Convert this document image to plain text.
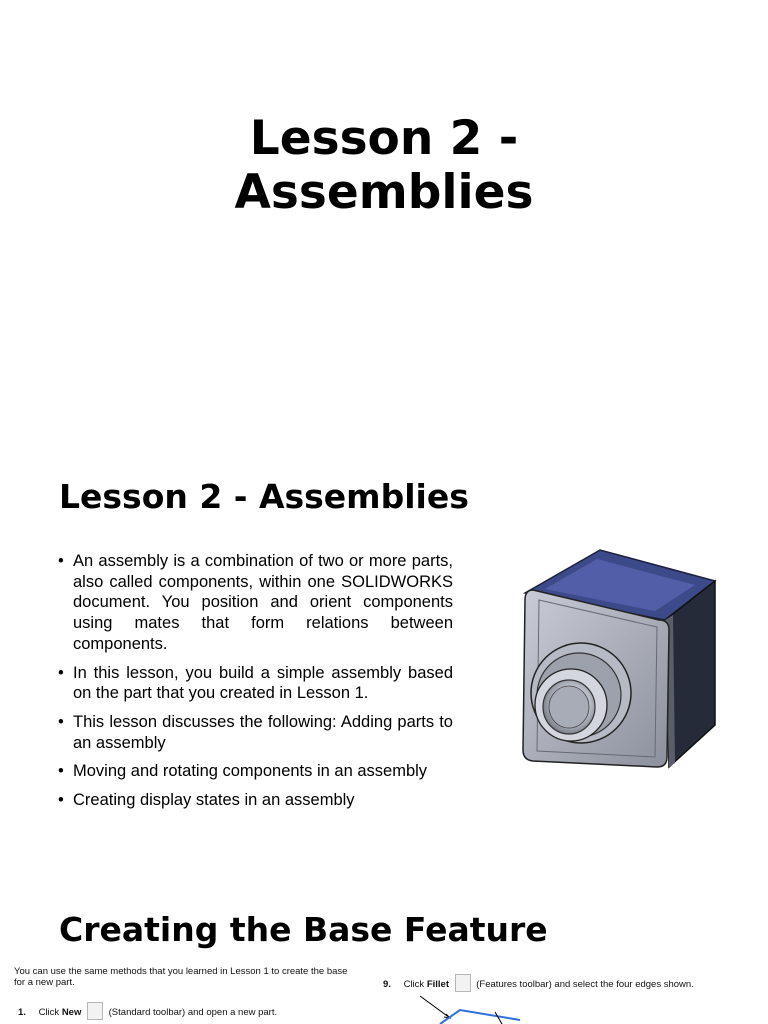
Lesson 2 -
Assemblies
Lesson 2 - Assemblies
• An assembly is a combination of two or more parts, also called components, within one SOLIDWORKS document. You position and orient components using mates that form relations between components.
• In this lesson, you build a simple assembly based on the part that you created in Lesson 1.
• This lesson discusses the following: Adding parts to an assembly
• Moving and rotating components in an assembly
• Creating display states in an assembly
Creating the Base Feature
You can use the same methods that you learned in Lesson 1 to create the base for a new part.
1. Click New	(Standard toolbar) and open a new part.
9. Click Fillet	(Features toolbar) and select the four edges shown.
